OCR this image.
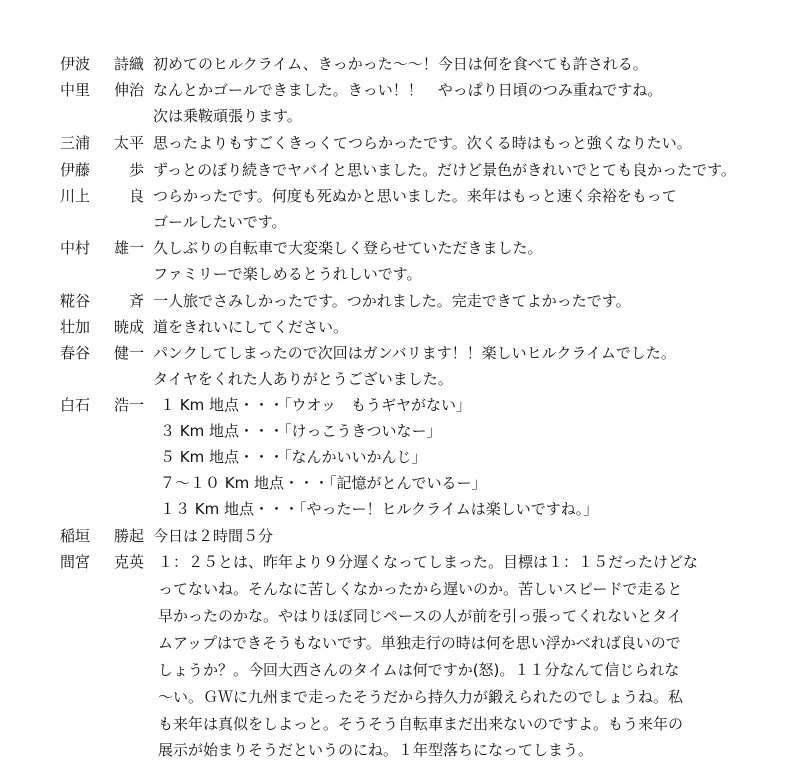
伊波 詩織 初めてのヒルクライム、きっかった～～！今日は何を食べても許される。
中里 伸治 なんとかゴールできました。きっい！！　やっぱり日頃のつみ重ねですね。
次は乗鞍頑張ります。
三浦 太平 思ったよりもすごくきっくてつらかったです。次くる時はもっと強くなりたい。
伊藤	歩 ずっとのぼり続きでヤバイと思いました。だけど景色がきれいでとても良かったです。
川上	良 つらかったです。何度も死ぬかと思いました。来年はもっと速く余裕をもって
ゴールしたいです。
中村 雄一 久しぶりの自転車で大変楽しく登らせていただきました。
ファミリーで楽しめるとうれしいです。
糀谷	斉 一人旅でさみしかったです。つかれました。完走できてよかったです。
壮加 暁成 道をきれいにしてください。
春谷 健一 パンクしてしまったので次回はガンバリます！！楽しいヒルクライムでした。
タイヤをくれた人ありがとうございました。
白石 浩一 １ Km 地点・・・「ウオッ　もうギヤがない」
３ Km 地点・・・「けっこうきついなー」
５ Km 地点・・・「なんかいいかんじ」
７～１０ Km 地点・・・「記憶がとんでいるー」
１３ Km 地点・・・「やったー！ヒルクライムは楽しいですね。」
稲垣 勝起 今日は２時間５分
間宮 克英 １：２５とは、昨年より９分遅くなってしまった。目標は１：１５だったけどな
ってないね。そんなに苦しくなかったから遅いのか。苦しいスピードで走ると
早かったのかな。やはりほぼ同じペースの人が前を引っ張ってくれないとタイ
ムアップはできそうもないです。単独走行の時は何を思い浮かべれば良いので
しょうか？。今回大西さんのタイムは何ですか(怒)。１１分なんて信じられな
～い。ＧＷに九州まで走ったそうだから持久力が鍛えられたのでしょうね。私
も来年は真似をしよっと。そうそう自転車まだ出来ないのですよ。もう来年の
展示が始まりそうだというのにね。１年型落ちになってしまう。
